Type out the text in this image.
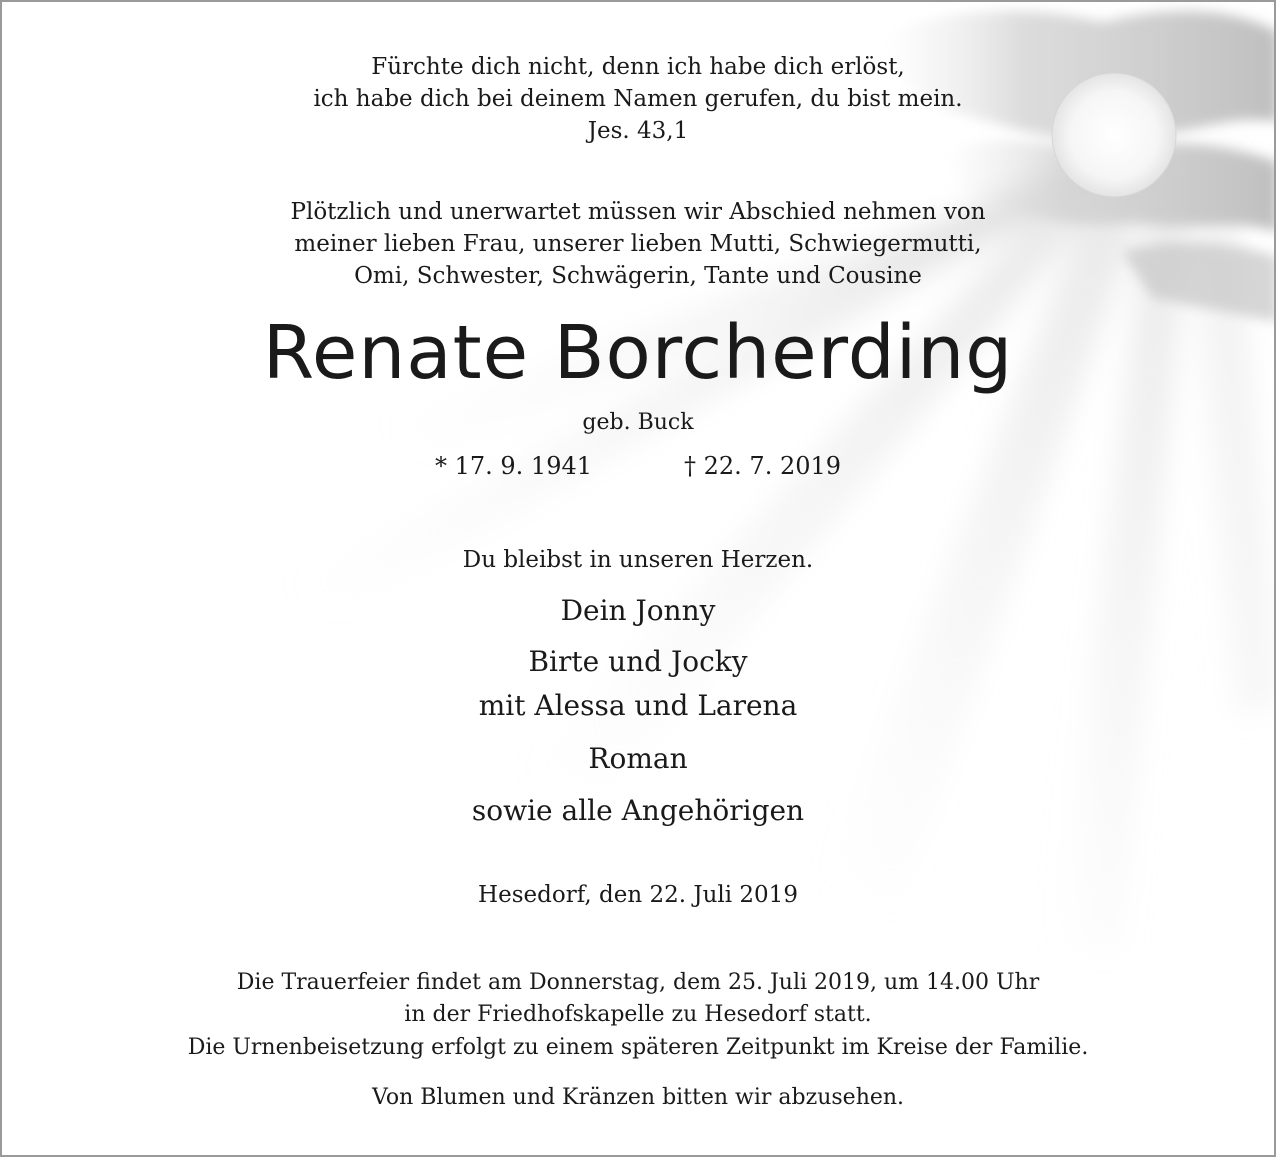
Fürchte dich nicht, denn ich habe dich erlöst,
ich habe dich bei deinem Namen gerufen, du bist mein.
Jes. 43,1
Plötzlich und unerwartet müssen wir Abschied nehmen von
meiner lieben Frau, unserer lieben Mutti, Schwiegermutti,
Omi, Schwester, Schwägerin, Tante und Cousine
Renate Borcherding
geb. Buck
* 17. 9. 1941	† 22. 7. 2019
Du bleibst in unseren Herzen.
Dein Jonny
Birte und Jocky
mit Alessa und Larena
Roman
sowie alle Angehörigen
Hesedorf, den 22. Juli 2019
Die Trauerfeier findet am Donnerstag, dem 25. Juli 2019, um 14.00 Uhr
in der Friedhofskapelle zu Hesedorf statt.
Die Urnenbeisetzung erfolgt zu einem späteren Zeitpunkt im Kreise der Familie.
Von Blumen und Kränzen bitten wir abzusehen.
